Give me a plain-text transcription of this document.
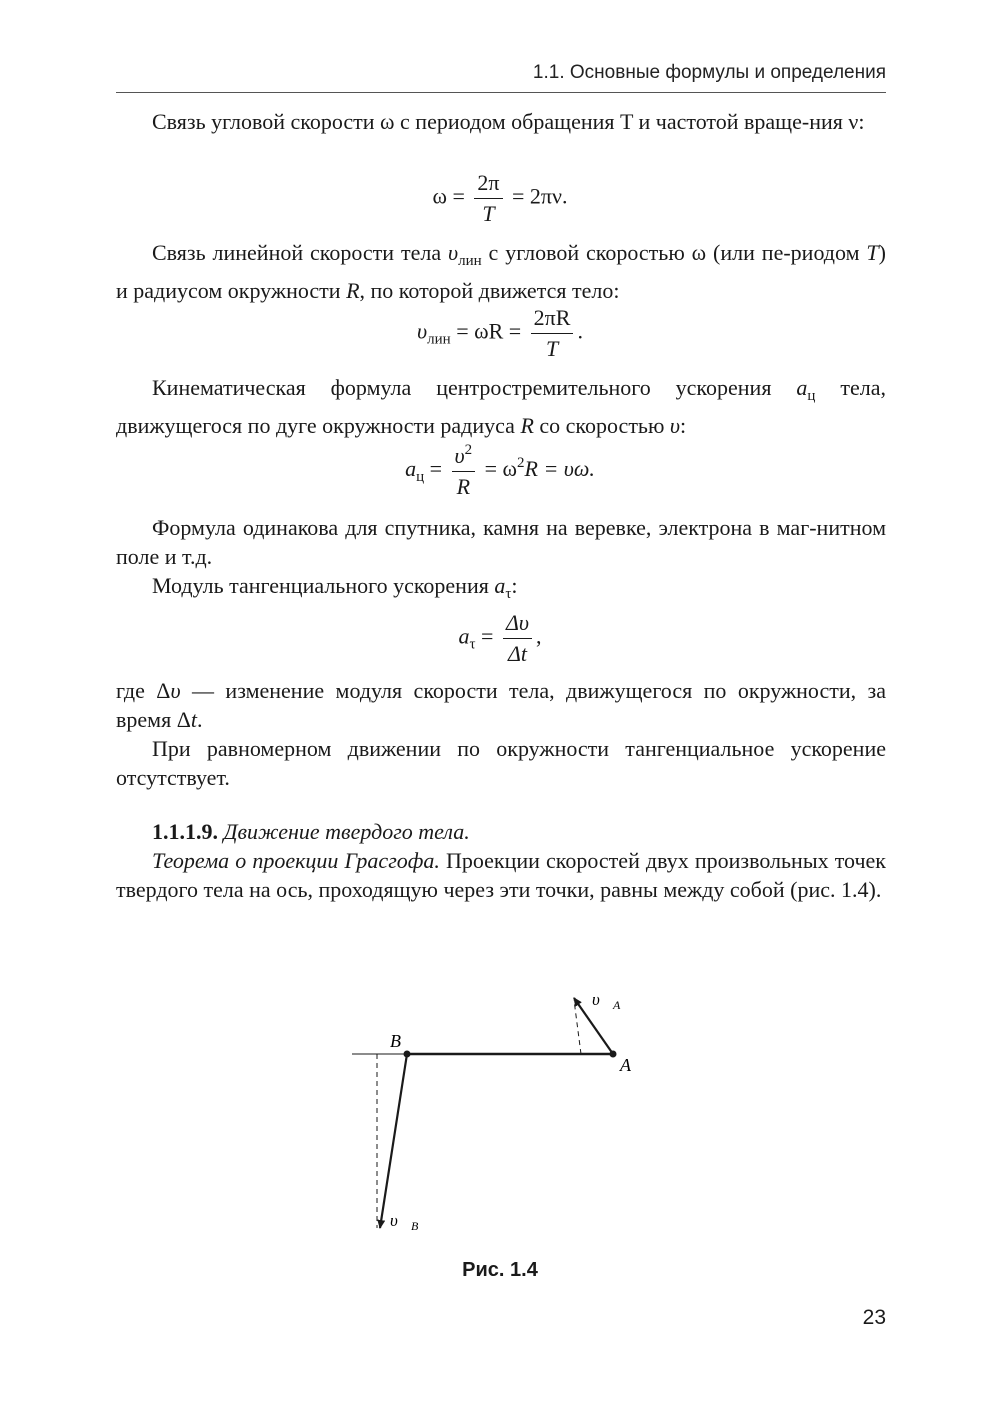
1.1. Основные формулы и определения
Связь угловой скорости ω с периодом обращения T и частотой враще-ния ν:
$\omega = \frac{2\pi}{T} = 2\pi\nu$.
Связь линейной скорости тела $\upsilon_{лин}$ с угловой скоростью ω (или пе-риодом T) и радиусом окружности R, по которой движется тело:
$\upsilon_{лин} = \omega R = \frac{2\pi R}{T}$ .
Кинематическая формула центростремительного ускорения $a_ц$ тела, движущегося по дуге окружности радиуса R со скоростью υ:
$a_ц = \frac{\upsilon^2}{R} = \omega^2R = \upsilon\omega$.
Формула одинакова для спутника, камня на веревке, электрона в маг-нитном поле и т.д.
Модуль тангенциального ускорения $a_\tau$:
$a_\tau = \frac{\Delta\upsilon}{\Delta t}$ ,
где Δυ — изменение модуля скорости тела, движущегося по окружности, за время Δt.
При равномерном движении по окружности тангенциальное ускорение отсутствует.
1.1.1.9. Движение твердого тела.
Теорема о проекции Грасгофа. Проекции скоростей двух произвольных точек твердого тела на ось, проходящую через эти точки, равны между собой (рис. 1.4).
B
A
$\upsilon⃗_A$
$\upsilon⃗_B$
Рис. 1.4
23
